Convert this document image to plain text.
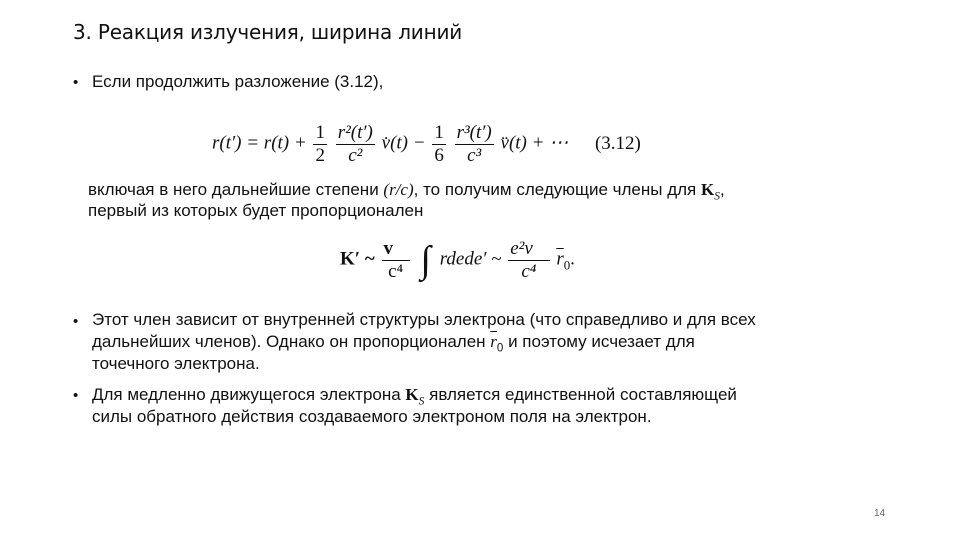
3. Реакция излучения, ширина линий
• Если продолжить разложение (3.12),
$r(t') = r(t) + \frac{1}{2}$
$\frac{\text{r²(t′)}}{\text{c²}}$ v̇(t) − $\frac{1}{6}$
$\frac{\text{r³(t′)}}{\text{c³}}$ v̈(t) + ⋯ (3.12)
включая в него дальнейшие степени (r/c), то получим следующие члены для $K_S$,
первый из которых будет пропорционален
K′ ~ $\frac{v⃛}{\text{c⁴}}$ ∫ rdede′ ~ $\frac{\text{e²v⃛}}{\text{c⁴}} \overline{r}_0$.
• Этот член зависит от внутренней структуры электрона (что справедливо и для всех
дальнейших членов). Однако он пропорционален $\overline{r}_0$ и поэтому исчезает для
точечного электрона.
• Для медленно движущегося электрона $K_S$ является единственной составляющей
силы обратного действия создаваемого электроном поля на электрон.
14
